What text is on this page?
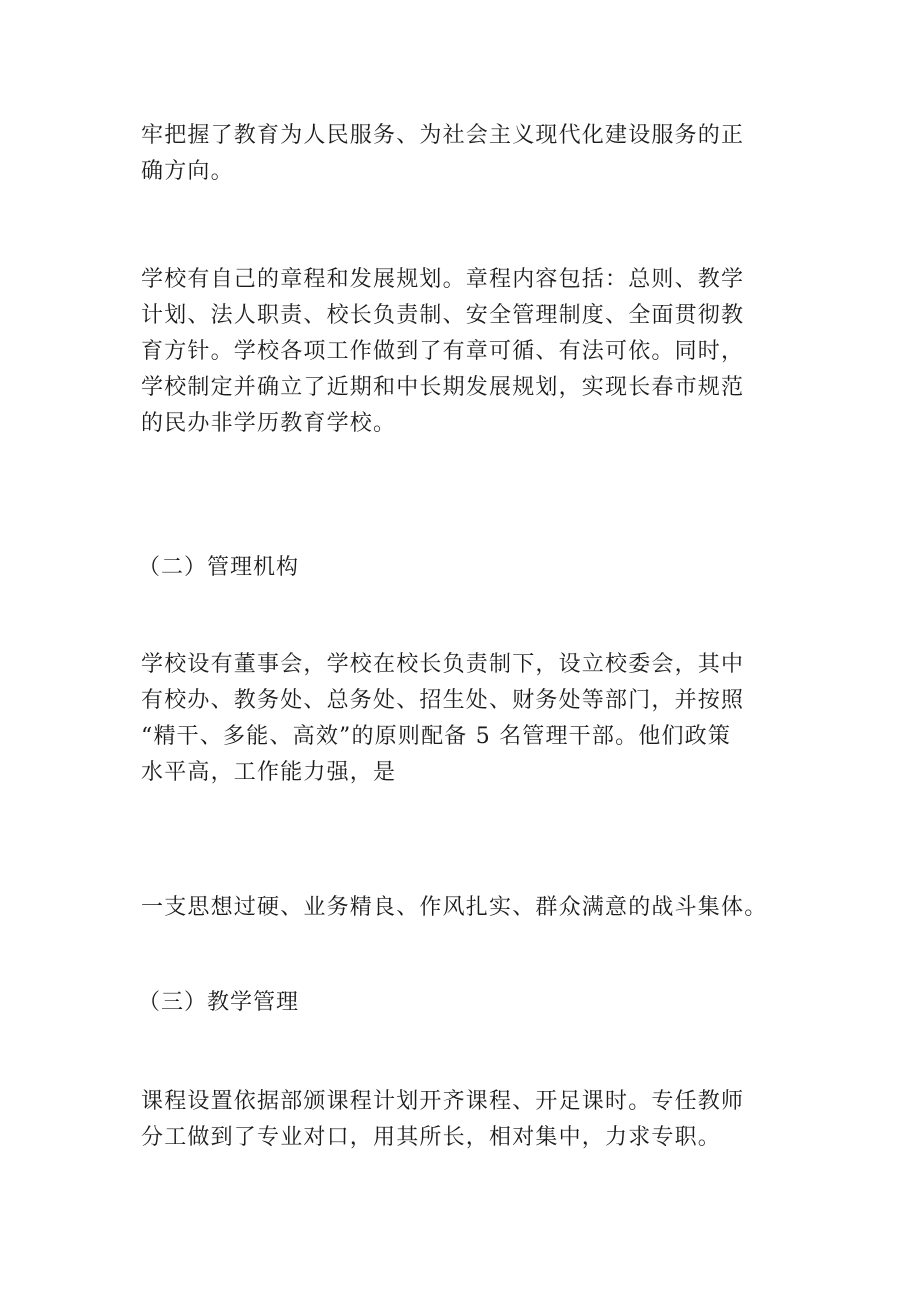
牢把握了教育为人民服务、为社会主义现代化建设服务的正
确方向。

学校有自己的章程和发展规划。章程内容包括：总则、教学
计划、法人职责、校长负责制、安全管理制度、全面贯彻教
育方针。学校各项工作做到了有章可循、有法可依。同时，
学校制定并确立了近期和中长期发展规划，实现长春市规范
的民办非学历教育学校。

（二）管理机构

学校设有董事会，学校在校长负责制下，设立校委会，其中
有校办、教务处、总务处、招生处、财务处等部门，并按照
“精干、多能、高效”的原则配备 5 名管理干部。他们政策
水平高，工作能力强，是

一支思想过硬、业务精良、作风扎实、群众满意的战斗集体。

（三）教学管理

课程设置依据部颁课程计划开齐课程、开足课时。专任教师
分工做到了专业对口，用其所长，相对集中，力求专职。
